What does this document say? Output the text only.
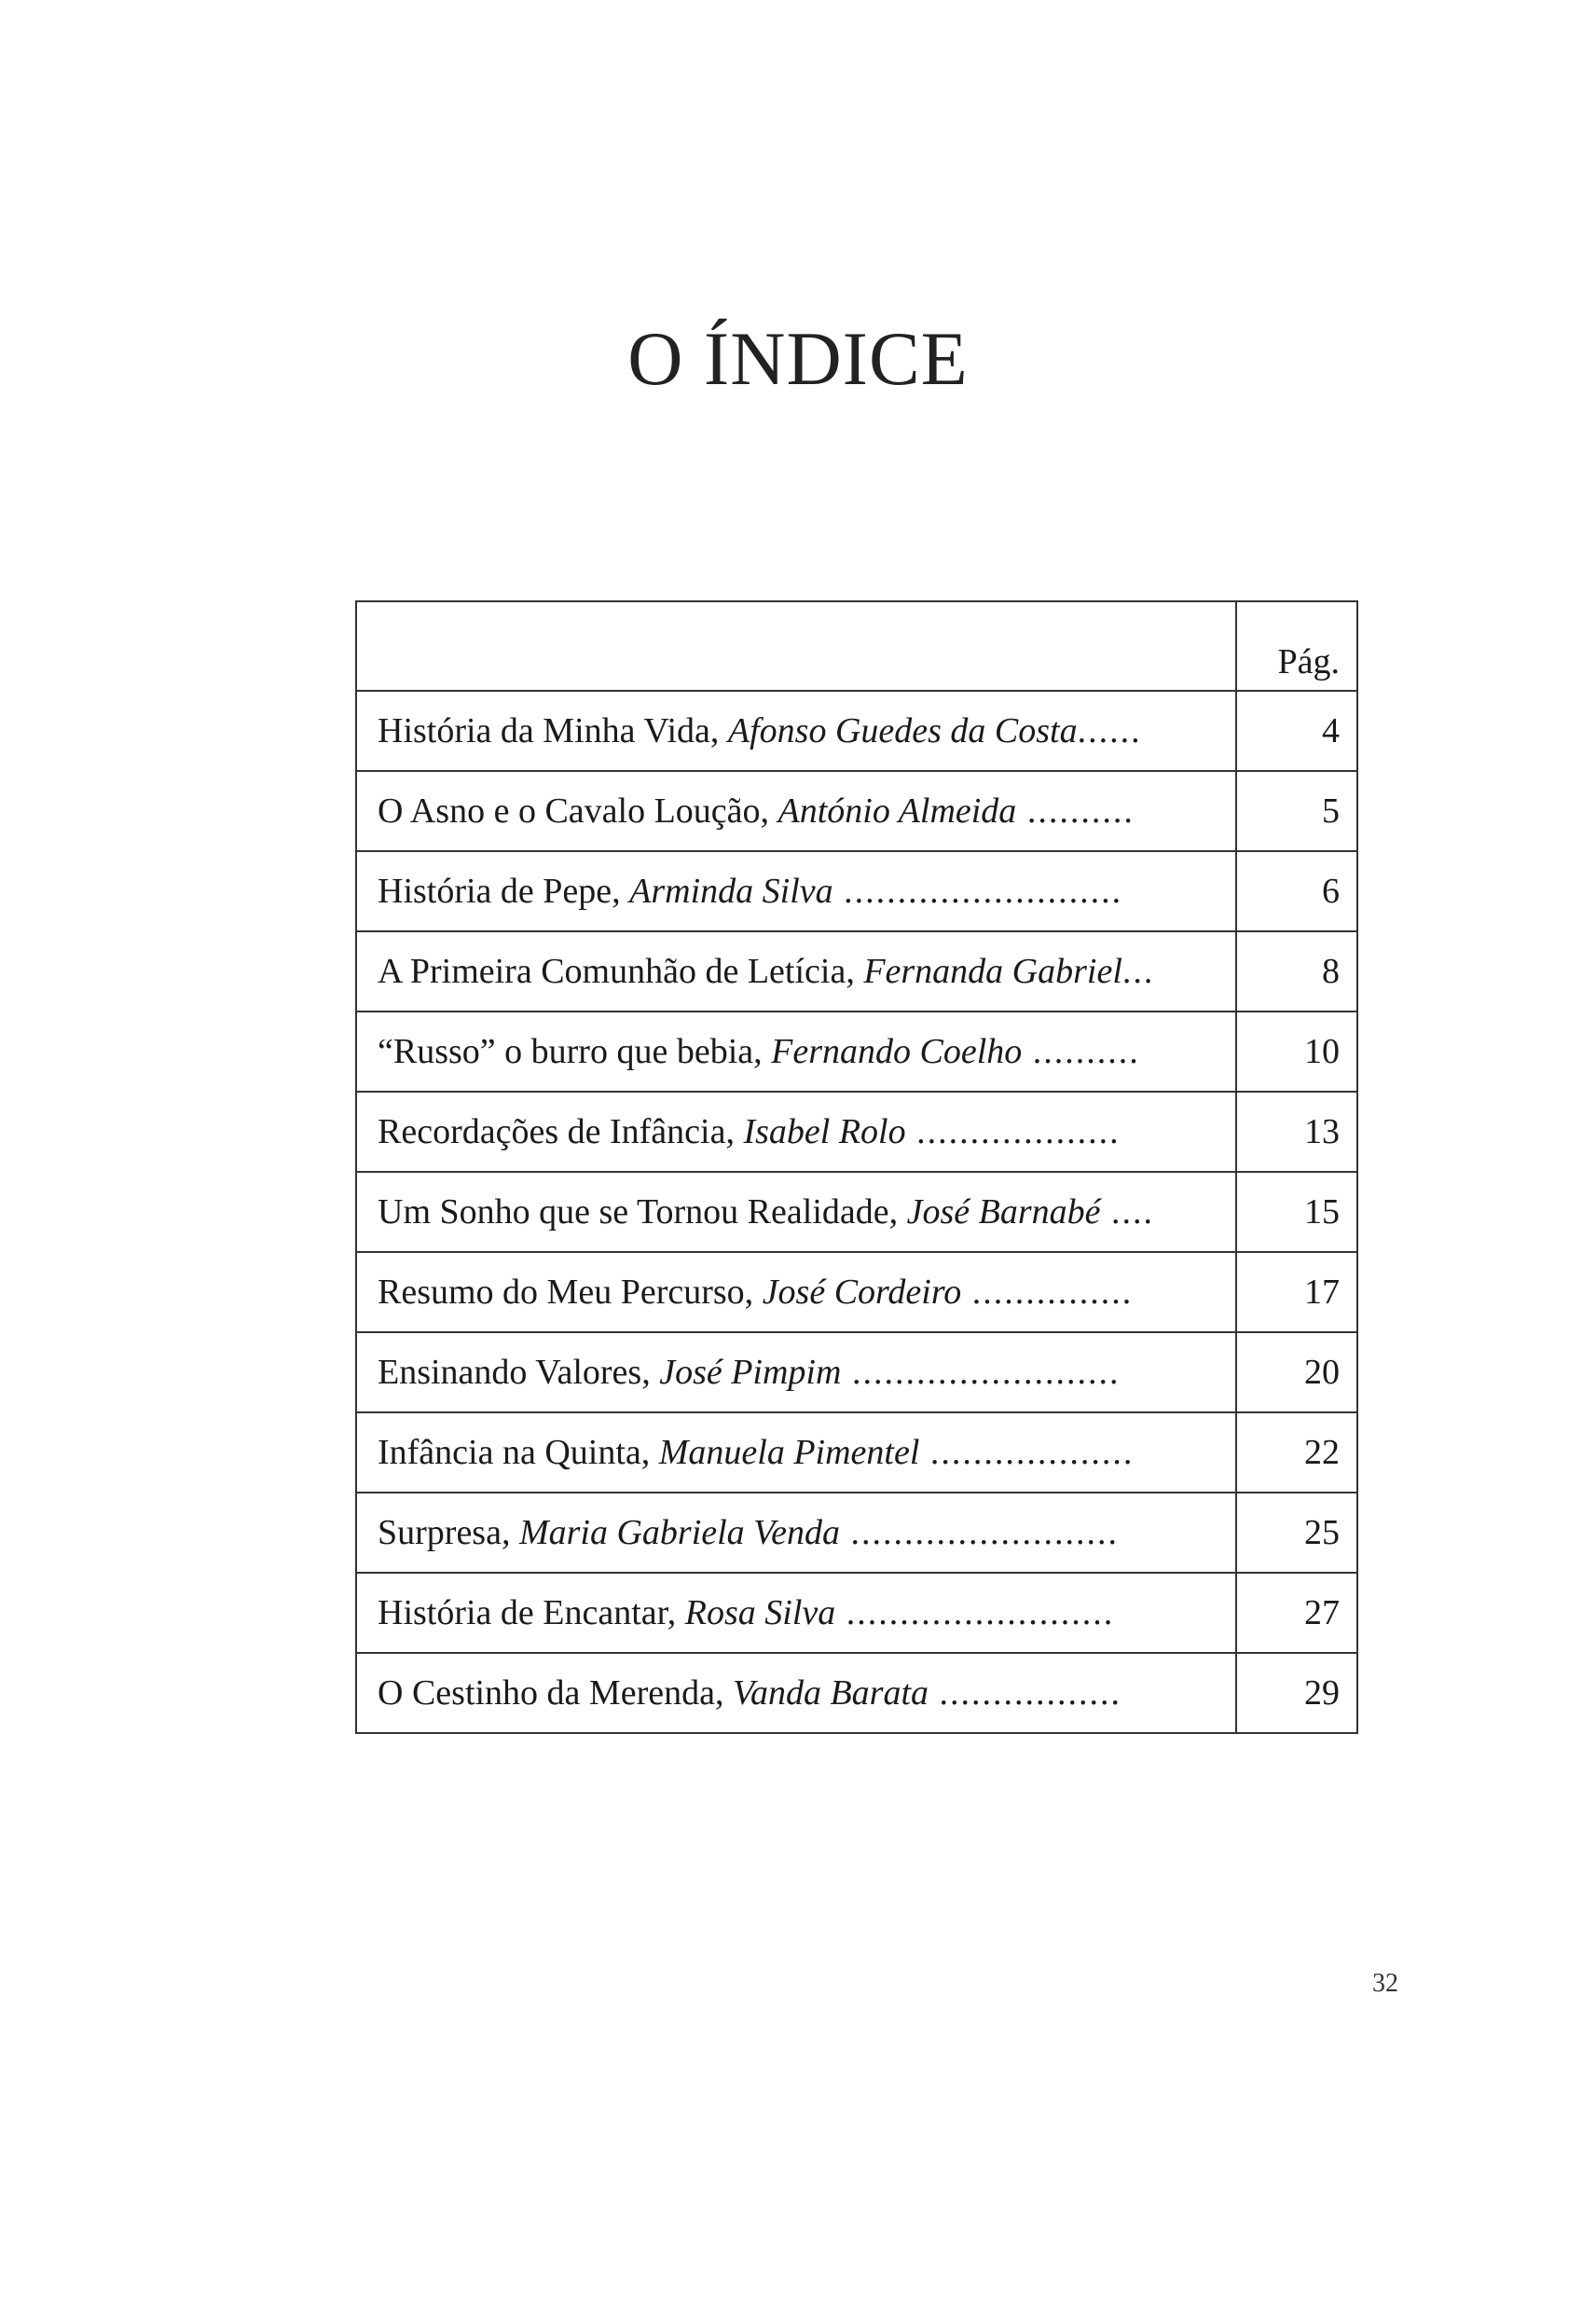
O ÍNDICE
	Pág.
História da Minha Vida, Afonso Guedes da Costa......	4
O Asno e o Cavalo Loução, António Almeida ..........	5
História de Pepe, Arminda Silva ..........................	6
A Primeira Comunhão de Letícia, Fernanda Gabriel...	8
“Russo” o burro que bebia, Fernando Coelho ..........	10
Recordações de Infância, Isabel Rolo ...................	13
Um Sonho que se Tornou Realidade, José Barnabé ....	15
Resumo do Meu Percurso, José Cordeiro ...............	17
Ensinando Valores, José Pimpim .........................	20
Infância na Quinta, Manuela Pimentel ...................	22
Surpresa, Maria Gabriela Venda .........................	25
História de Encantar, Rosa Silva .........................	27
O Cestinho da Merenda, Vanda Barata .................	29
32
